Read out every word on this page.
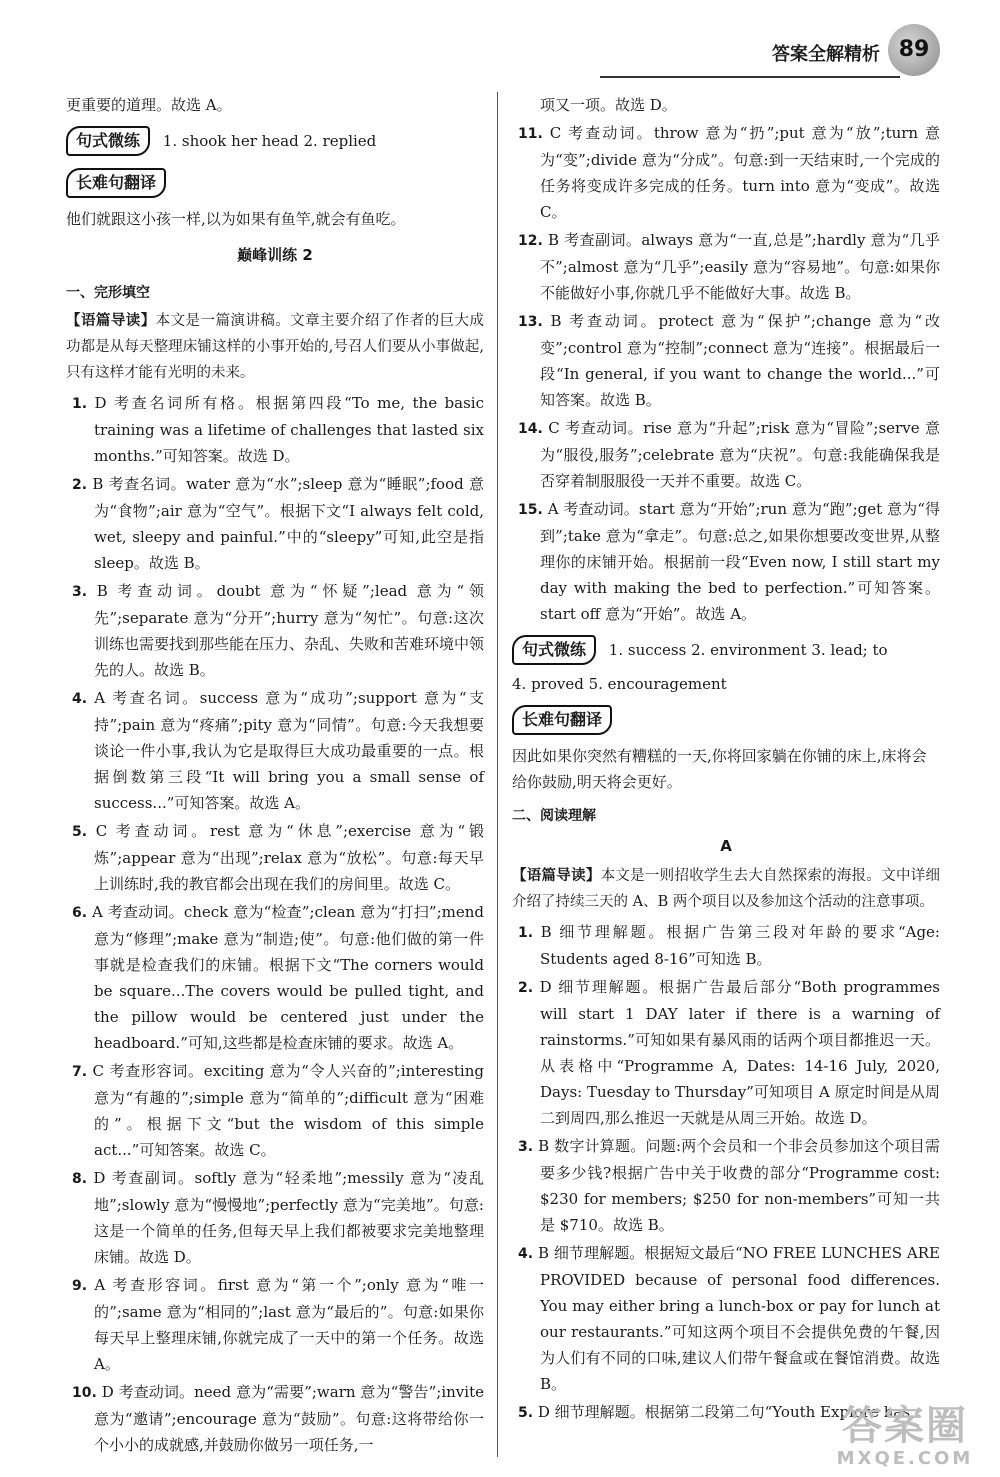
答案全解精析 89

更重要的道理。故选 A。

句式微练 1. shook her head 2. replied
长难句翻译

他们就跟这小孩一样,以为如果有鱼竿,就会有鱼吃。

巅峰训练 2
一、完形填空

【语篇导读】本文是一篇演讲稿。文章主要介绍了作者的巨大成功都是从每天整理床铺这样的小事开始的,号召人们要从小事做起,只有这样才能有光明的未来。

1. D 考查名词所有格。根据第四段“To me, the basic training was a lifetime of challenges that lasted six months.”可知答案。故选 D。

2. B 考查名词。water 意为“水”;sleep 意为“睡眠”;food 意为“食物”;air 意为“空气”。根据下文“I always felt cold, wet, sleepy and painful.”中的“sleepy”可知,此空是指 sleep。故选 B。

3. B 考查动词。doubt 意为“怀疑”;lead 意为“领先”;separate 意为“分开”;hurry 意为“匆忙”。句意:这次训练也需要找到那些能在压力、杂乱、失败和苦难环境中领先的人。故选 B。

4. A 考查名词。success 意为“成功”;support 意为“支持”;pain 意为“疼痛”;pity 意为“同情”。句意:今天我想要谈论一件小事,我认为它是取得巨大成功最重要的一点。根据倒数第三段“It will bring you a small sense of success...”可知答案。故选 A。

5. C 考查动词。rest 意为“休息”;exercise 意为“锻炼”;appear 意为“出现”;relax 意为“放松”。句意:每天早上训练时,我的教官都会出现在我们的房间里。故选 C。

6. A 考查动词。check 意为“检查”;clean 意为“打扫”;mend 意为“修理”;make 意为“制造;使”。句意:他们做的第一件事就是检查我们的床铺。根据下文“The corners would be square...The covers would be pulled tight, and the pillow would be centered just under the headboard.”可知,这些都是检查床铺的要求。故选 A。

7. C 考查形容词。exciting 意为“令人兴奋的”;interesting 意为“有趣的”;simple 意为“简单的”;difficult 意为“困难的”。根据下文“but the wisdom of this simple act...”可知答案。故选 C。

8. D 考查副词。softly 意为“轻柔地”;messily 意为“凌乱地”;slowly 意为“慢慢地”;perfectly 意为“完美地”。句意:这是一个简单的任务,但每天早上我们都被要求完美地整理床铺。故选 D。

9. A 考查形容词。first 意为“第一个”;only 意为“唯一的”;same 意为“相同的”;last 意为“最后的”。句意:如果你每天早上整理床铺,你就完成了一天中的第一个任务。故选 A。

10. D 考查动词。need 意为“需要”;warn 意为“警告”;invite 意为“邀请”;encourage 意为“鼓励”。句意:这将带给你一个小小的成就感,并鼓励你做另一项任务,一

项又一项。故选 D。

11. C 考查动词。throw 意为“扔”;put 意为“放”;turn 意为“变”;divide 意为“分成”。句意:到一天结束时,一个完成的任务将变成许多完成的任务。turn into 意为“变成”。故选 C。

12. B 考查副词。always 意为“一直,总是”;hardly 意为“几乎不”;almost 意为“几乎”;easily 意为“容易地”。句意:如果你不能做好小事,你就几乎不能做好大事。故选 B。

13. B 考查动词。protect 意为“保护”;change 意为“改变”;control 意为“控制”;connect 意为“连接”。根据最后一段“In general, if you want to change the world...”可知答案。故选 B。

14. C 考查动词。rise 意为“升起”;risk 意为“冒险”;serve 意为“服役,服务”;celebrate 意为“庆祝”。句意:我能确保我是否穿着制服服役一天并不重要。故选 C。

15. A 考查动词。start 意为“开始”;run 意为“跑”;get 意为“得到”;take 意为“拿走”。句意:总之,如果你想要改变世界,从整理你的床铺开始。根据前一段“Even now, I still start my day with making the bed to perfection.”可知答案。start off 意为“开始”。故选 A。

句式微练 1. success 2. environment 3. lead; to

4. proved 5. encouragement

长难句翻译

因此如果你突然有糟糕的一天,你将回家躺在你铺的床上,床将会给你鼓励,明天将会更好。

二、阅读理解
A

【语篇导读】本文是一则招收学生去大自然探索的海报。文中详细介绍了持续三天的 A、B 两个项目以及参加这个活动的注意事项。

1. B 细节理解题。根据广告第三段对年龄的要求“Age: Students aged 8-16”可知选 B。

2. D 细节理解题。根据广告最后部分“Both programmes will start 1 DAY later if there is a warning of rainstorms.”可知如果有暴风雨的话两个项目都推迟一天。从表格中“Programme A, Dates: 14-16 July, 2020, Days: Tuesday to Thursday”可知项目 A 原定时间是从周二到周四,那么推迟一天就是从周三开始。故选 D。

3. B 数字计算题。问题:两个会员和一个非会员参加这个项目需要多少钱?根据广告中关于收费的部分“Programme cost: $230 for members; $250 for non-members”可知一共是 $710。故选 B。

4. B 细节理解题。根据短文最后“NO FREE LUNCHES ARE PROVIDED because of personal food differences. You may either bring a lunch-box or pay for lunch at our restaurants.”可知这两个项目不会提供免费的午餐,因为人们有不同的口味,建议人们带午餐盒或在餐馆消费。故选 B。

5. D 细节理解题。根据第二段第二句“Youth Explore has

答案圈
MXQE.COM
